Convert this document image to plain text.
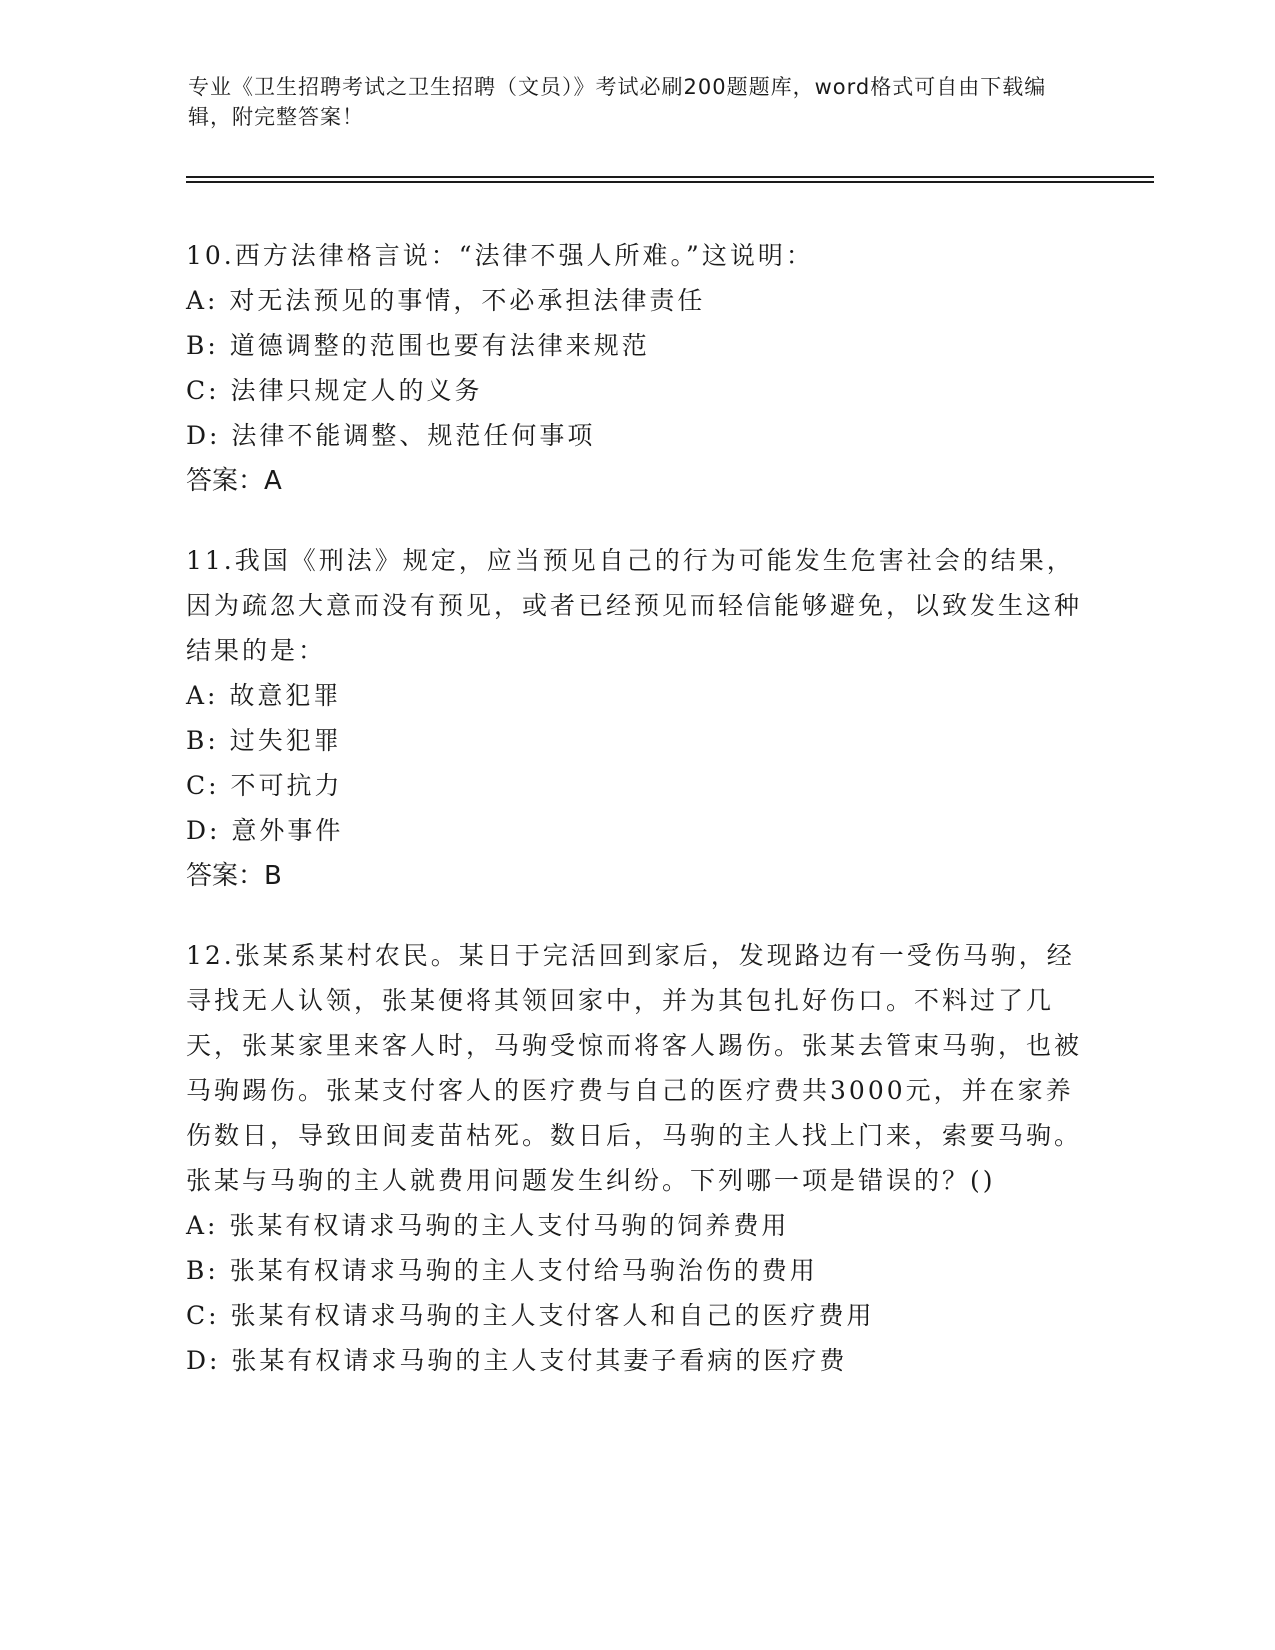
专业《卫生招聘考试之卫生招聘（文员）》考试必刷200题题库，word格式可自由下载编辑，附完整答案！

10.西方法律格言说：“法律不强人所难。”这说明：

A: 对无法预见的事情，不必承担法律责任

B: 道德调整的范围也要有法律来规范

C: 法律只规定人的义务

D: 法律不能调整、规范任何事项

答案：A

11.我国《刑法》规定，应当预见自己的行为可能发生危害社会的结果，因为疏忽大意而没有预见，或者已经预见而轻信能够避免，以致发生这种结果的是：

A: 故意犯罪

B: 过失犯罪

C: 不可抗力

D: 意外事件

答案：B

12.张某系某村农民。某日于完活回到家后，发现路边有一受伤马驹，经寻找无人认领，张某便将其领回家中，并为其包扎好伤口。不料过了几天，张某家里来客人时，马驹受惊而将客人踢伤。张某去管束马驹，也被马驹踢伤。张某支付客人的医疗费与自己的医疗费共3000元，并在家养伤数日，导致田间麦苗枯死。数日后，马驹的主人找上门来，索要马驹。张某与马驹的主人就费用问题发生纠纷。下列哪一项是错误的？()

A: 张某有权请求马驹的主人支付马驹的饲养费用

B: 张某有权请求马驹的主人支付给马驹治伤的费用

C: 张某有权请求马驹的主人支付客人和自己的医疗费用

D: 张某有权请求马驹的主人支付其妻子看病的医疗费
